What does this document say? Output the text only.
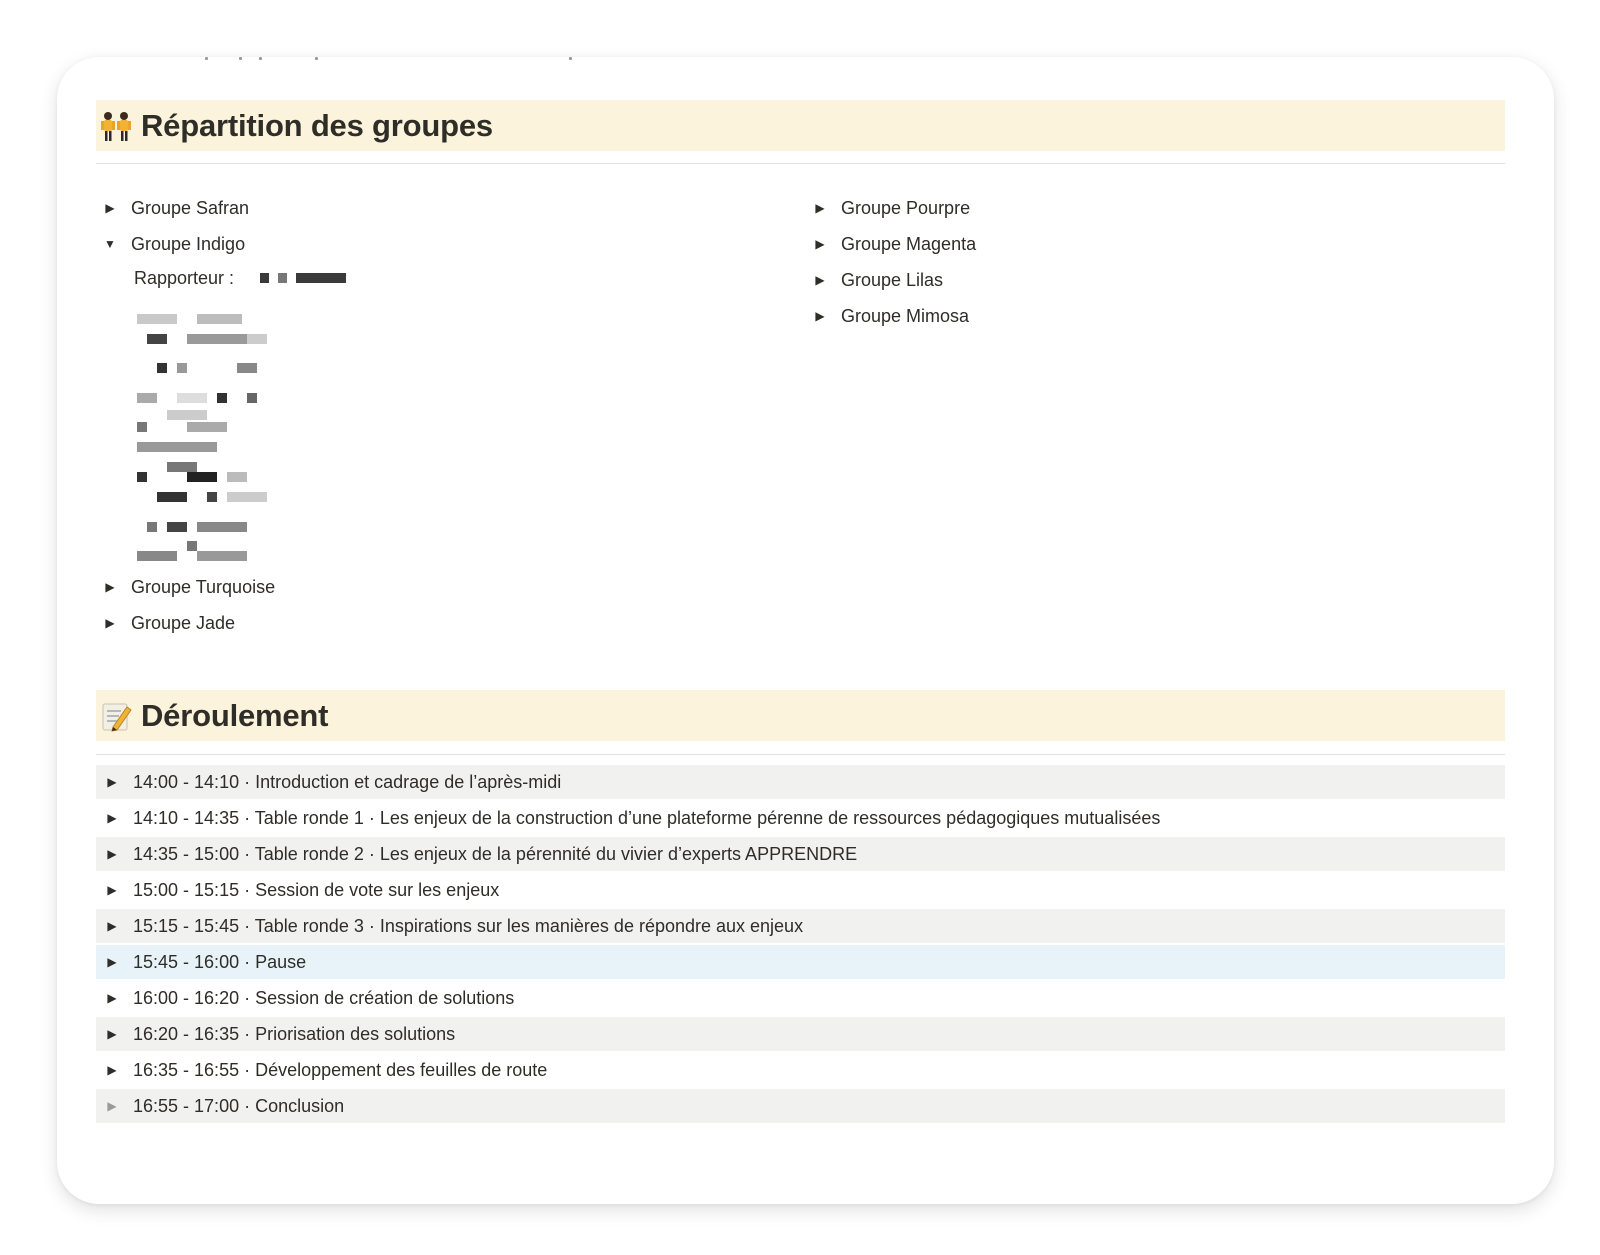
Répartition des groupes
▶ Groupe Safran
▼ Groupe Indigo
Rapporteur :
▶ Groupe Turquoise
▶ Groupe Jade
▶ Groupe Pourpre
▶ Groupe Magenta
▶ Groupe Lilas
▶ Groupe Mimosa
Déroulement
▶ 14:00 - 14:10 · Introduction et cadrage de l’après-midi
▶ 14:10 - 14:35 · Table ronde 1 · Les enjeux de la construction d’une plateforme pérenne de ressources pédagogiques mutualisées
▶ 14:35 - 15:00 · Table ronde 2 · Les enjeux de la pérennité du vivier d’experts APPRENDRE
▶ 15:00 - 15:15 · Session de vote sur les enjeux
▶ 15:15 - 15:45 · Table ronde 3 · Inspirations sur les manières de répondre aux enjeux
▶ 15:45 - 16:00 · Pause
▶ 16:00 - 16:20 · Session de création de solutions
▶ 16:20 - 16:35 · Priorisation des solutions
▶ 16:35 - 16:55 · Développement des feuilles de route
▶ 16:55 - 17:00 · Conclusion
